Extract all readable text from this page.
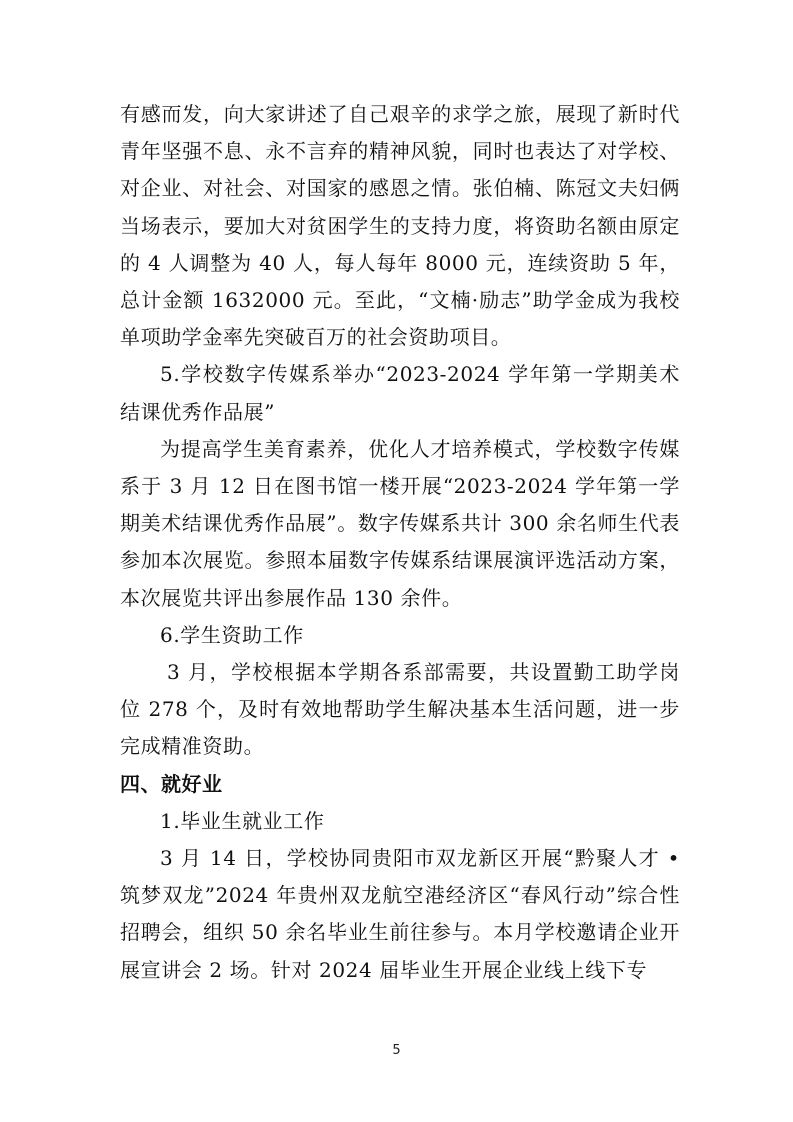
有感而发，向大家讲述了自己艰辛的求学之旅，展现了新时代青年坚强不息、永不言弃的精神风貌，同时也表达了对学校、对企业、对社会、对国家的感恩之情。张伯楠、陈冠文夫妇俩当场表示，要加大对贫困学生的支持力度，将资助名额由原定的 4 人调整为 40 人，每人每年 8000 元，连续资助 5 年，总计金额 1632000 元。至此，“文楠·励志”助学金成为我校单项助学金率先突破百万的社会资助项目。

5.学校数字传媒系举办“2023-2024 学年第一学期美术结课优秀作品展”

为提高学生美育素养，优化人才培养模式，学校数字传媒系于 3 月 12 日在图书馆一楼开展“2023-2024 学年第一学期美术结课优秀作品展”。数字传媒系共计 300 余名师生代表参加本次展览。参照本届数字传媒系结课展演评选活动方案，本次展览共评出参展作品 130 余件。

6.学生资助工作

3 月，学校根据本学期各系部需要，共设置勤工助学岗位 278 个，及时有效地帮助学生解决基本生活问题，进一步完成精准资助。

四、就好业

1.毕业生就业工作

3 月 14 日，学校协同贵阳市双龙新区开展“黔聚人才 •筑梦双龙”2024 年贵州双龙航空港经济区“春风行动”综合性招聘会，组织 50 余名毕业生前往参与。本月学校邀请企业开展宣讲会 2 场。针对 2024 届毕业生开展企业线上线下专

5
